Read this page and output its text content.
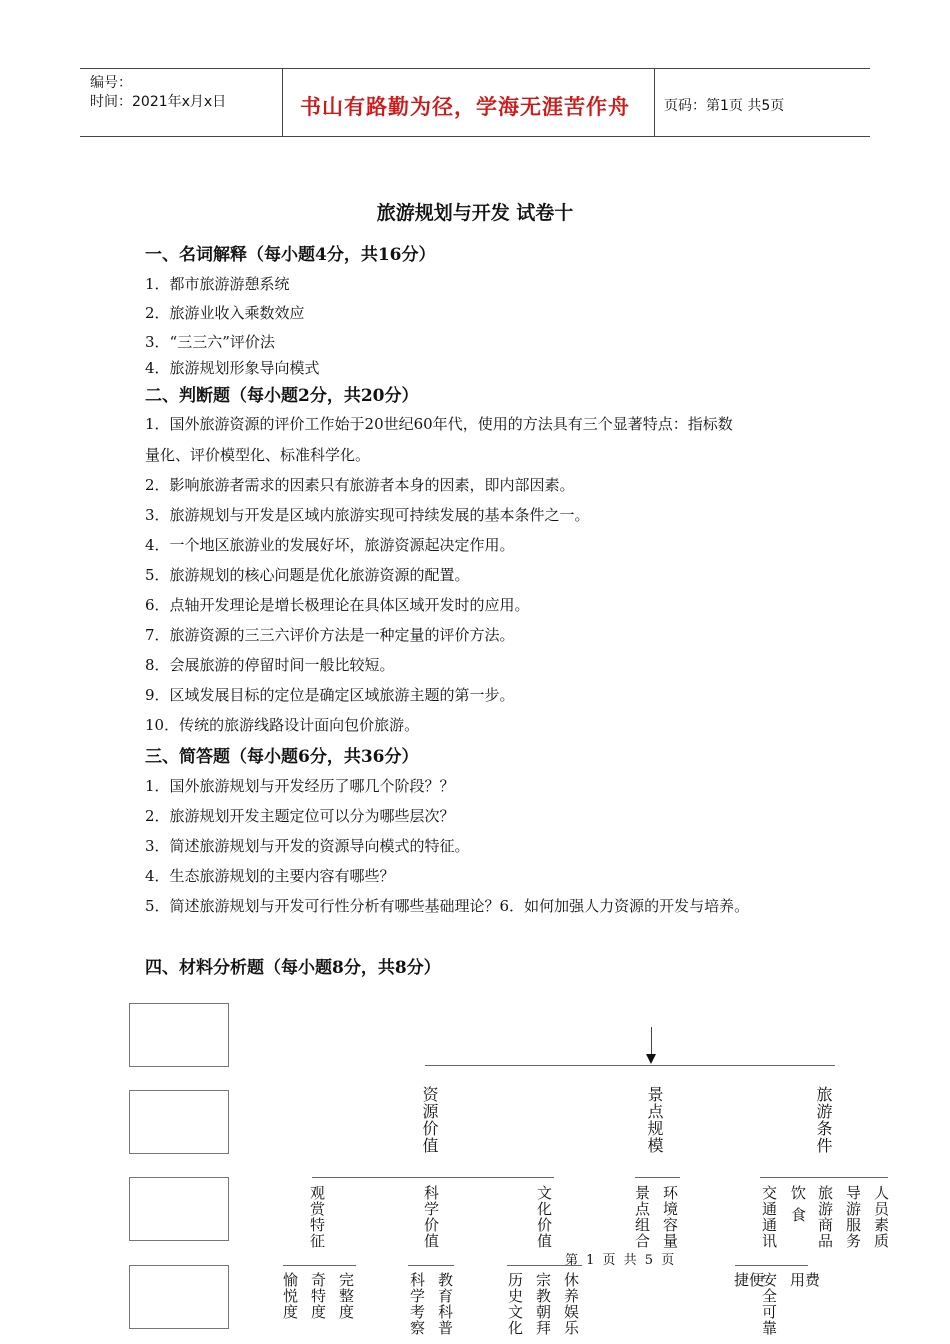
编号：
时间：2021年x月x日	书山有路勤为径，学海无涯苦作舟 页码：第1页 共5页
旅游规划与开发 试卷十
一、名词解释（每小题4分，共16分）
1．都市旅游游憩系统
2．旅游业收入乘数效应
3．“三三六”评价法
4．旅游规划形象导向模式
二、判断题（每小题2分，共20分）
1．国外旅游资源的评价工作始于20世纪60年代，使用的方法具有三个显著特点：指标数
量化、评价模型化、标准科学化。
2．影响旅游者需求的因素只有旅游者本身的因素，即内部因素。
3．旅游规划与开发是区域内旅游实现可持续发展的基本条件之一。
4．一个地区旅游业的发展好坏，旅游资源起决定作用。
5．旅游规划的核心问题是优化旅游资源的配置。
6．点轴开发理论是增长极理论在具体区域开发时的应用。
7．旅游资源的三三六评价方法是一种定量的评价方法。
8．会展旅游的停留时间一般比较短。
9．区域发展目标的定位是确定区域旅游主题的第一步。
10．传统的旅游线路设计面向包价旅游。
三、简答题（每小题6分，共36分）
1．国外旅游规划与开发经历了哪几个阶段？？
2．旅游规划开发主题定位可以分为哪些层次？
3．简述旅游规划与开发的资源导向模式的特征。
4．生态旅游规划的主要内容有哪些？
5．简述旅游规划与开发可行性分析有哪些基础理论？6．如何加强人力资源的开发与培养。
四、材料分析题（每小题8分，共8分）
资源价值	景点规模	旅游条件
观赏特征	科学价值	文化价值	景点组合 环境容量	交通通讯 饮 食 旅游商品 导游服务 人员素质
第 1 页 共 5 页
愉悦度 奇特度 完整度	科学考察 教育科普	历史文化 宗教朝拜 休养娱乐	便 捷 安全可靠	费 用
